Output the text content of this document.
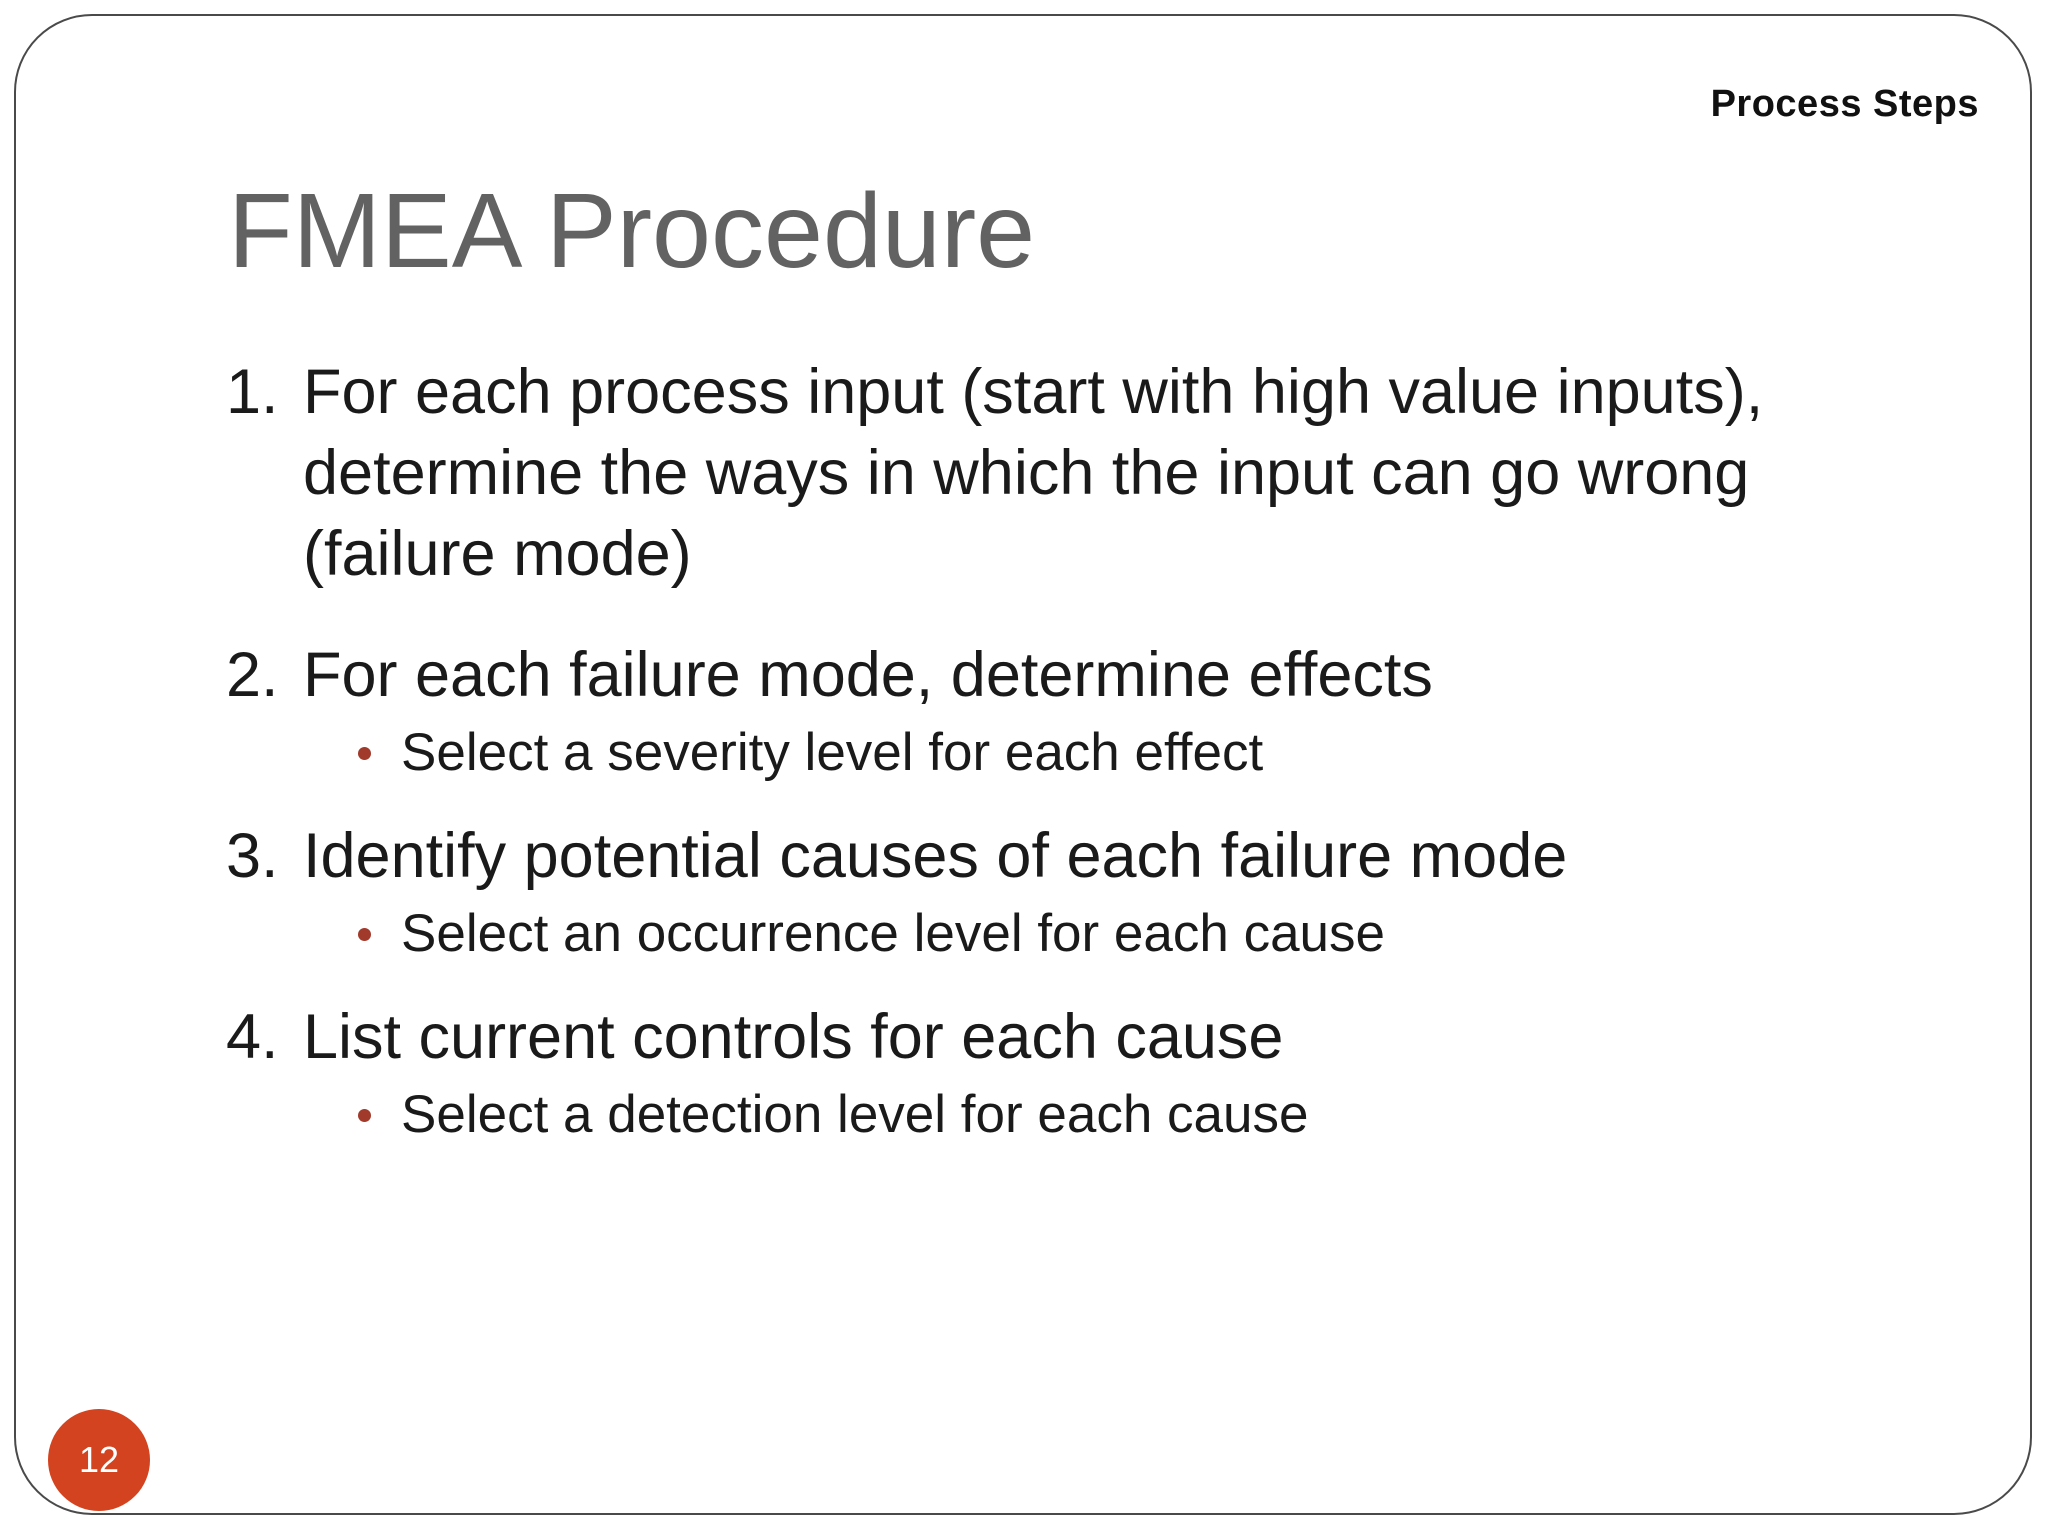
Process Steps
FMEA Procedure
1. For each process input (start with high value inputs), determine the ways in which the input can go wrong (failure mode)
2. For each failure mode, determine effects
Select a severity level for each effect
3. Identify potential causes of each failure mode
Select an occurrence level for each cause
4. List current controls for each cause
Select a detection level for each cause
12
